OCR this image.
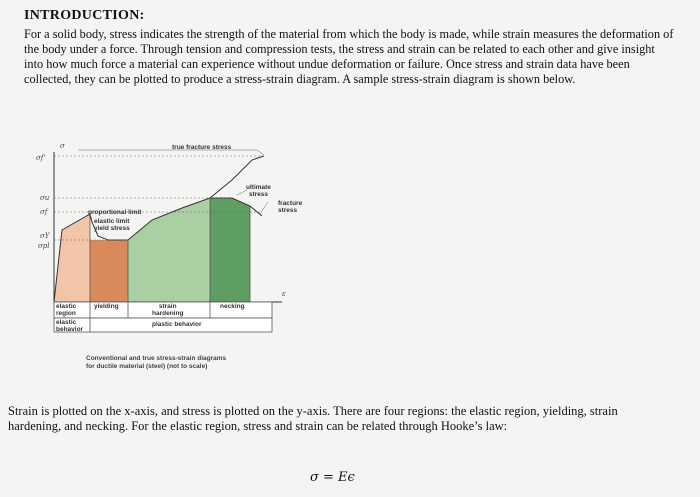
INTRODUCTION:
For a solid body, stress indicates the strength of the material from which the body is made, while strain measures the deformation of the body under a force. Through tension and compression tests, the stress and strain can be related to each other and give insight into how much force a material can experience without undue deformation or failure. Once stress and strain data have been collected, they can be plotted to produce a stress-strain diagram. A sample stress-strain diagram is shown below.
σ
σf'
σu
σf
σY
σpl
ε
true fracture stress
ultimate
stress
fracture
stress
proportional limit
elastic limit
yield stress
elastic
region
yielding	strain
hardening
necking
elastic
behavior
plastic behavior
Conventional and true stress-strain diagrams
for ductile material (steel) (not to scale)
Strain is plotted on the x-axis, and stress is plotted on the y-axis. There are four regions: the elastic region, yielding, strain hardening, and necking. For the elastic region, stress and strain can be related through Hooke’s law:
σ = Eϵ
